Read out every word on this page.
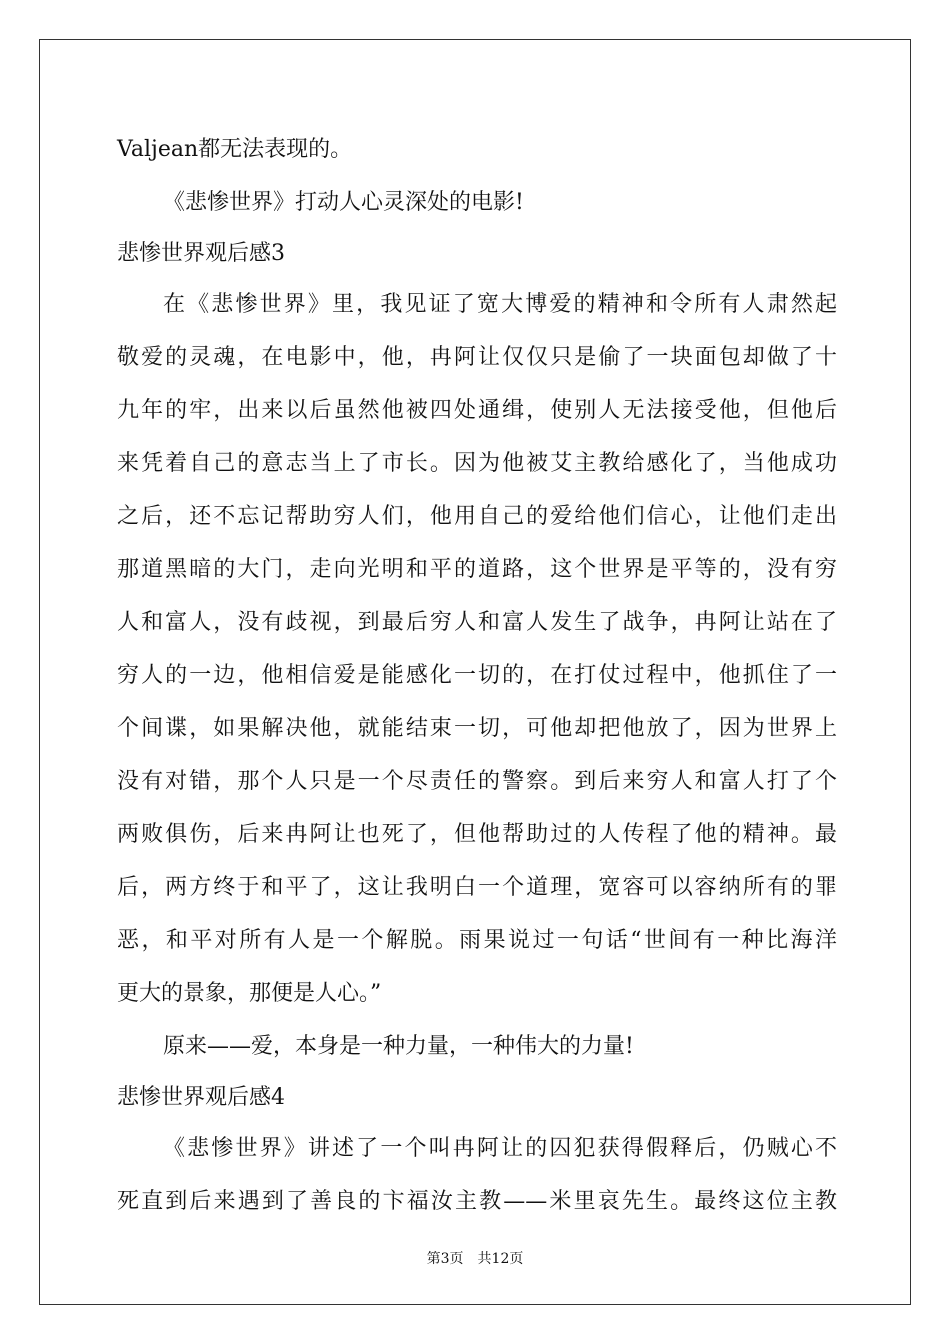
Valjean都无法表现的。
《悲惨世界》打动人心灵深处的电影!
悲惨世界观后感3
在《悲惨世界》里，我见证了宽大博爱的精神和令所有人肃然起
敬爱的灵魂，在电影中，他，冉阿让仅仅只是偷了一块面包却做了十
九年的牢，出来以后虽然他被四处通缉，使别人无法接受他，但他后
来凭着自己的意志当上了市长。因为他被艾主教给感化了，当他成功
之后，还不忘记帮助穷人们，他用自己的爱给他们信心，让他们走出
那道黑暗的大门，走向光明和平的道路，这个世界是平等的，没有穷
人和富人，没有歧视，到最后穷人和富人发生了战争，冉阿让站在了
穷人的一边，他相信爱是能感化一切的，在打仗过程中，他抓住了一
个间谍，如果解决他，就能结束一切，可他却把他放了，因为世界上
没有对错，那个人只是一个尽责任的警察。到后来穷人和富人打了个
两败俱伤，后来冉阿让也死了，但他帮助过的人传程了他的精神。最
后，两方终于和平了，这让我明白一个道理，宽容可以容纳所有的罪
恶，和平对所有人是一个解脱。雨果说过一句话“世间有一种比海洋
更大的景象，那便是人心。”
原来——爱，本身是一种力量，一种伟大的力量!
悲惨世界观后感4
《悲惨世界》讲述了一个叫冉阿让的囚犯获得假释后，仍贼心不
死直到后来遇到了善良的卞福汝主教——米里哀先生。最终这位主教
第3页　共12页
